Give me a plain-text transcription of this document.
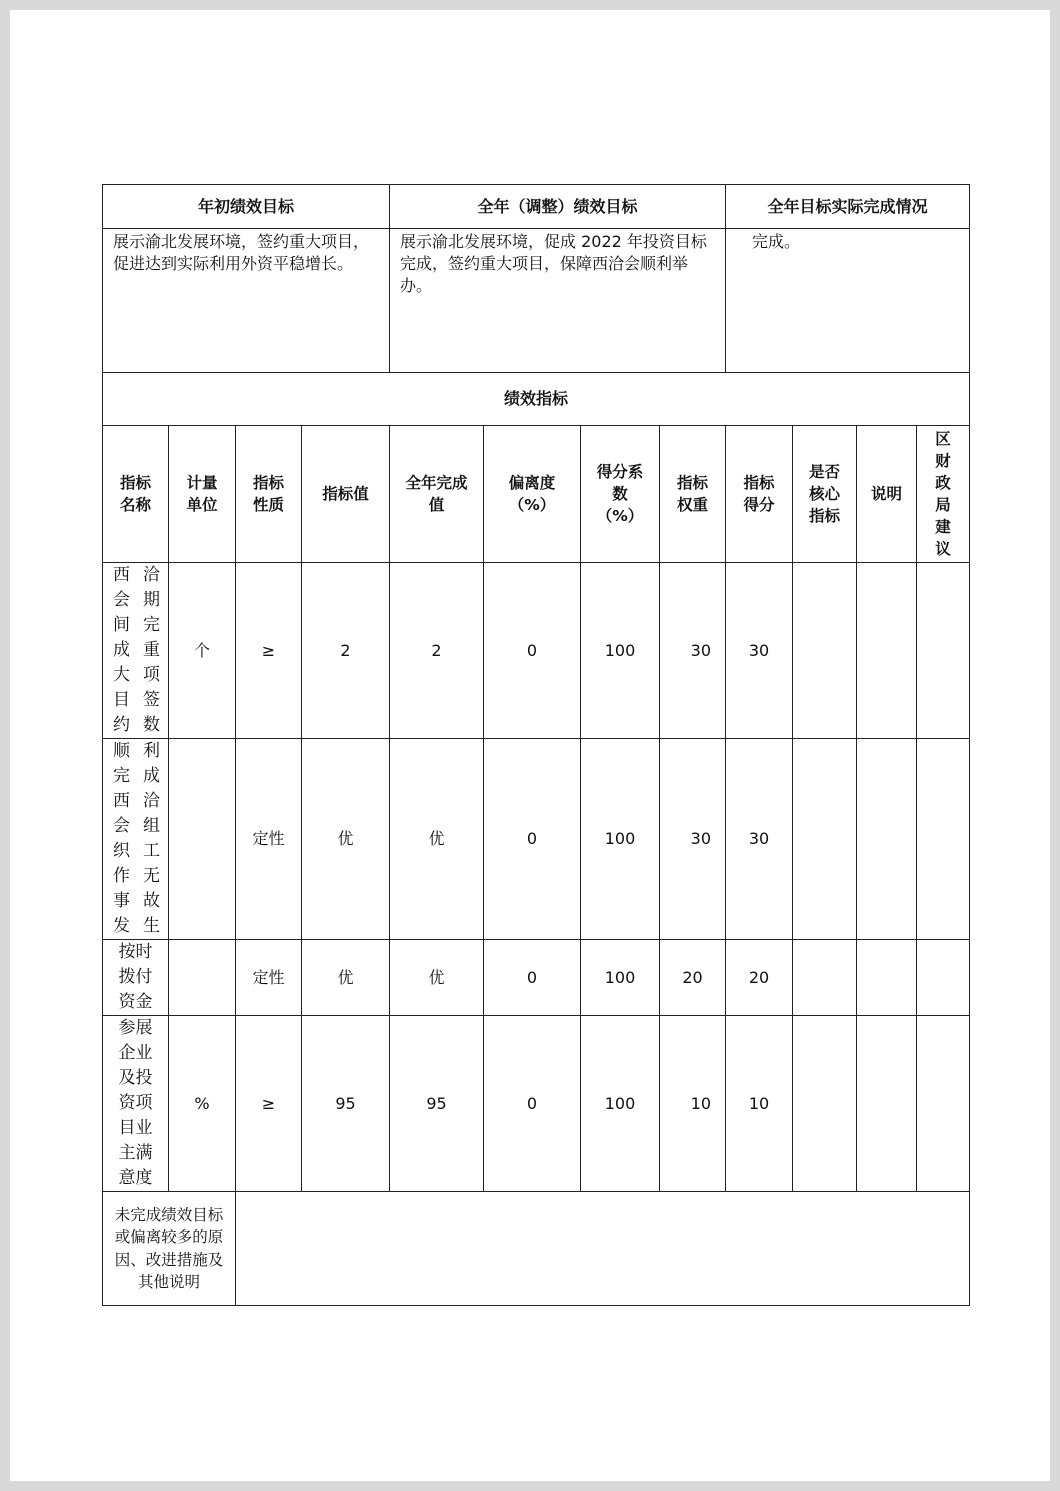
年初绩效目标				全年（调整）绩效目标				全年目标实际完成情况			
展示渝北发展环境，签约重大项目，促进达到实际利用外资平稳增长。				展示渝北发展环境，促成 2022 年投资目标完成，签约重大项目，保障西洽会顺利举办。				完成。			
绩效指标											
指标名称	计量单位	指标性质	指标值	全年完成值	偏离度（%）	得分系数（%）	指标权重	指标得分	是否核心指标	说明	区财政局建议
西洽会期间完成重大项目签约数	个	≥	2	2	0	100	30	30			
顺利完成西洽会组织工作无事故发生		定性	优	优	0	100	30	30			
按时拨付资金		定性	优	优	0	100	20	20			
参展企业及投资项目业主满意度	%	≥	95	95	0	100	10	10			
未完成绩效目标或偏离较多的原因、改进措施及其他说明											
